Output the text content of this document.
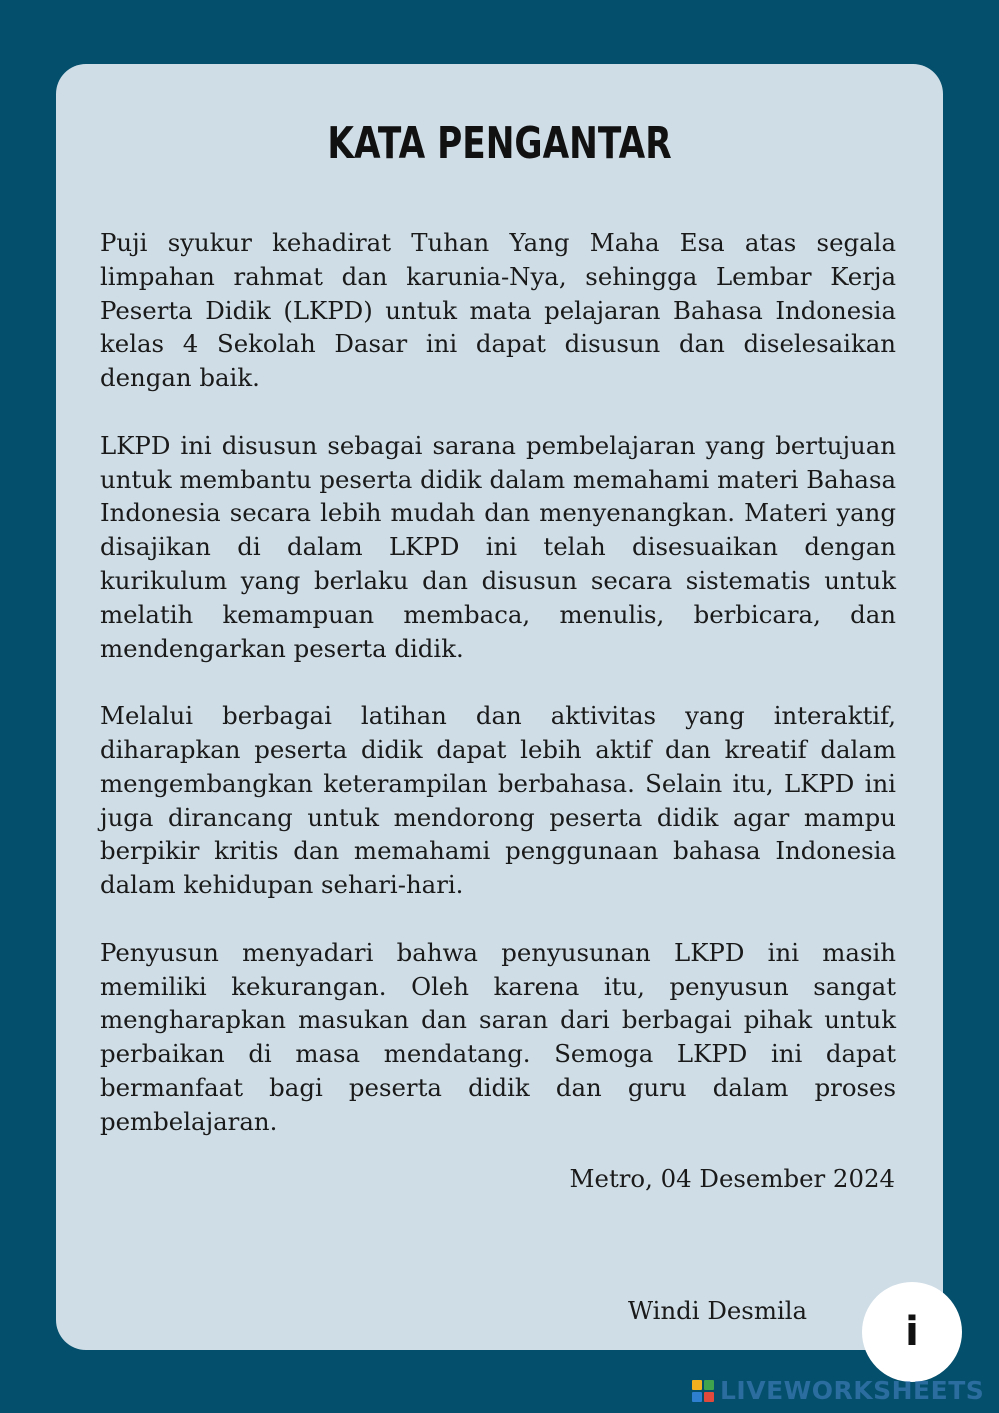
KATA PENGANTAR

Puji syukur kehadirat Tuhan Yang Maha Esa atas segala limpahan rahmat dan karunia-Nya, sehingga Lembar Kerja Peserta Didik (LKPD) untuk mata pelajaran Bahasa Indonesia kelas 4 Sekolah Dasar ini dapat disusun dan diselesaikan dengan baik.

LKPD ini disusun sebagai sarana pembelajaran yang bertujuan untuk membantu peserta didik dalam memahami materi Bahasa Indonesia secara lebih mudah dan menyenangkan. Materi yang disajikan di dalam LKPD ini telah disesuaikan dengan kurikulum yang berlaku dan disusun secara sistematis untuk melatih kemampuan membaca, menulis, berbicara, dan mendengarkan peserta didik.

Melalui berbagai latihan dan aktivitas yang interaktif, diharapkan peserta didik dapat lebih aktif dan kreatif dalam mengembangkan keterampilan berbahasa. Selain itu, LKPD ini juga dirancang untuk mendorong peserta didik agar mampu berpikir kritis dan memahami penggunaan bahasa Indonesia dalam kehidupan sehari-hari.

Penyusun menyadari bahwa penyusunan LKPD ini masih memiliki kekurangan. Oleh karena itu, penyusun sangat mengharapkan masukan dan saran dari berbagai pihak untuk perbaikan di masa mendatang. Semoga LKPD ini dapat bermanfaat bagi peserta didik dan guru dalam proses pembelajaran.

Metro, 04 Desember 2024
Windi Desmila i
LIVEWORKSHEETS
